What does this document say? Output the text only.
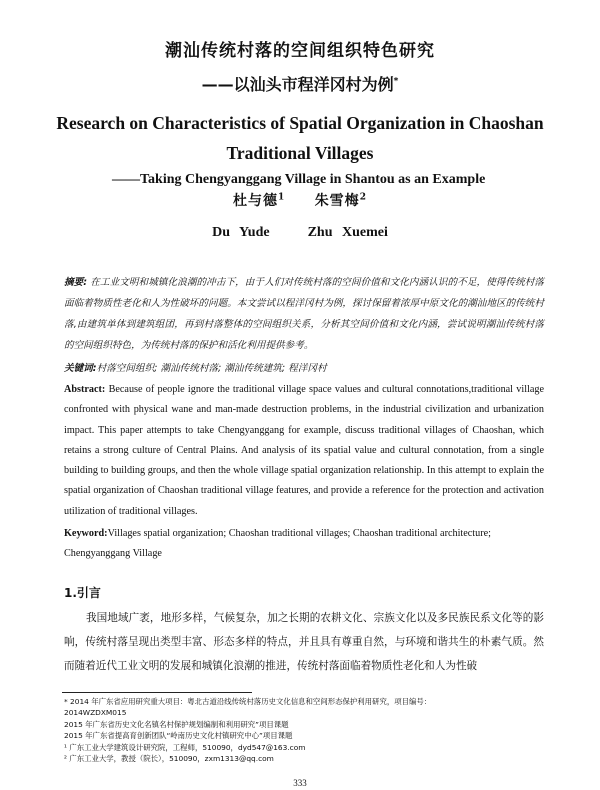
潮汕传统村落的空间组织特色研究
——以汕头市程洋冈村为例*
Research on Characteristics of Spatial Organization in Chaoshan
Traditional Villages
——Taking Chengyanggang Village in Shantou as an Example
杜与德$^1$ 朱雪梅$^2$
Du Yude	Zhu Xuemei
摘要: 在工业文明和城镇化浪潮的冲击下，由于人们对传统村落的空间价值和文化内涵认识的不足，使得传统村落面临着物质性老化和人为性破坏的问题。本文尝试以程洋冈村为例，探讨保留着浓厚中原文化的潮汕地区的传统村落,由建筑单体到建筑组团，再到村落整体的空间组织关系，分析其空间价值和文化内涵，尝试说明潮汕传统村落的空间组织特色，为传统村落的保护和活化利用提供参考。
关键词:村落空间组织; 潮汕传统村落; 潮汕传统建筑; 程洋冈村
Abstract: Because of people ignore the traditional village space values and cultural connotations,traditional village confronted with physical wane and man-made destruction problems, in the industrial civilization and urbanization impact. This paper attempts to take Chengyanggang for example, discuss traditional villages of Chaoshan, which retains a strong culture of Central Plains. And analysis of its spatial value and cultural connotation, from a single building to building groups, and then the whole village spatial organization relationship. In this attempt to explain the spatial organization of Chaoshan traditional village features, and provide a reference for the protection and activation utilization of traditional villages.
Keyword:Villages spatial organization; Chaoshan traditional villages; Chaoshan traditional architecture; Chengyanggang Village
1.引言
我国地域广袤，地形多样，气候复杂，加之长期的农耕文化、宗族文化以及多民族民系文化等的影响，传统村落呈现出类型丰富、形态多样的特点，并且具有尊重自然，与环境和谐共生的朴素气质。然而随着近代工业文明的发展和城镇化浪潮的推进，传统村落面临着物质性老化和人为性破
* 2014 年广东省应用研究重大项目：粤北古道沿线传统村落历史文化信息和空间形态保护利用研究，项目编号：
2014WZDXM015
2015 年广东省历史文化名镇名村保护规划编制和利用研究”项目课题
2015 年广东省提高育创新团队“岭南历史文化村镇研究中心”项目课题
¹ 广东工业大学建筑设计研究院，工程师，510090，dyd547@163.com
² 广东工业大学，教授（院长），510090，zxm1313@qq.com
333
